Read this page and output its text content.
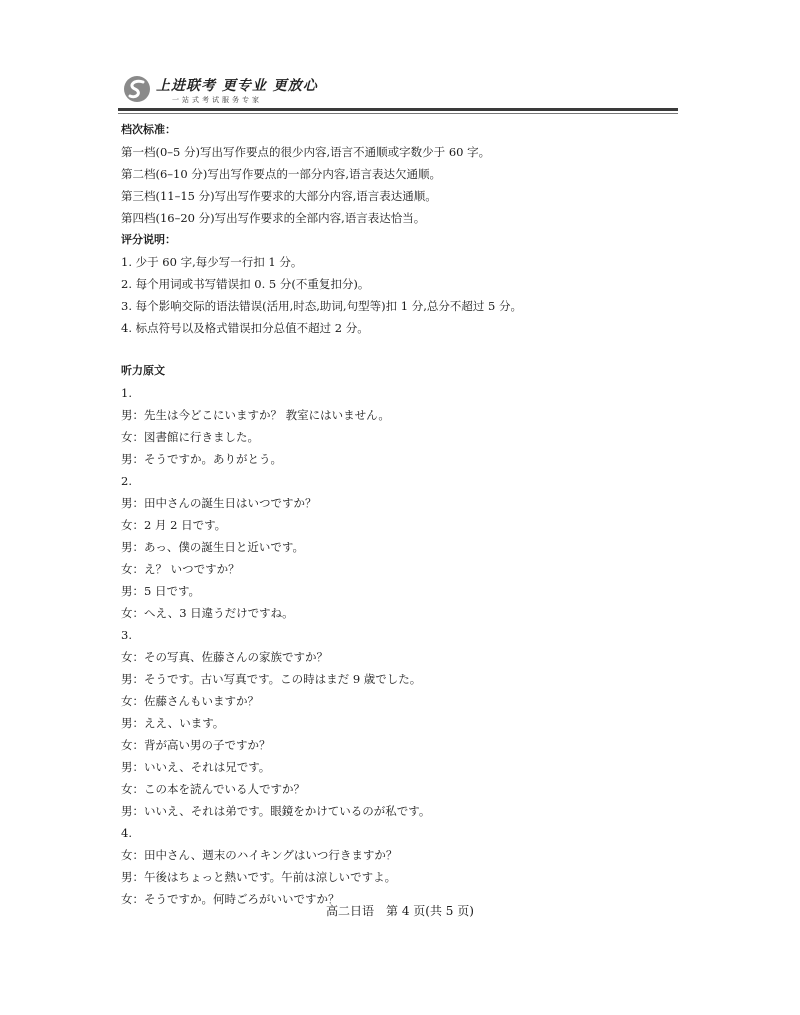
上进联考 更专业 更放心
一站式考试服务专家
档次标准：
第一档(0–5 分)写出写作要点的很少内容,语言不通顺或字数少于 60 字。
第二档(6–10 分)写出写作要点的一部分内容,语言表达欠通顺。
第三档(11–15 分)写出写作要求的大部分内容,语言表达通顺。
第四档(16–20 分)写出写作要求的全部内容,语言表达恰当。
评分说明：
1. 少于 60 字,每少写一行扣 1 分。
2. 每个用词或书写错误扣 0. 5 分(不重复扣分)。
3. 每个影响交际的语法错误(活用,时态,助词,句型等)扣 1 分,总分不超过 5 分。
4. 标点符号以及格式错误扣分总值不超过 2 分。
听力原文
1.
男：先生は今どこにいますか？ 教室にはいません。
女：図書館に行きました。
男：そうですか。ありがとう。
2.
男：田中さんの誕生日はいつですか？
女：2 月 2 日です。
男：あっ、僕の誕生日と近いです。
女：え？ いつですか？
男：5 日です。
女：へえ、3 日違うだけですね。
3.
女：その写真、佐藤さんの家族ですか？
男：そうです。古い写真です。この時はまだ 9 歳でした。
女：佐藤さんもいますか？
男：ええ、います。
女：背が高い男の子ですか？
男：いいえ、それは兄です。
女：この本を読んでいる人ですか？
男：いいえ、それは弟です。眼鏡をかけているのが私です。
4.
女：田中さん、週末のハイキングはいつ行きますか？
男：午後はちょっと熱いです。午前は涼しいですよ。
女：そうですか。何時ごろがいいですか？
高二日语　第 4 页(共 5 页)
